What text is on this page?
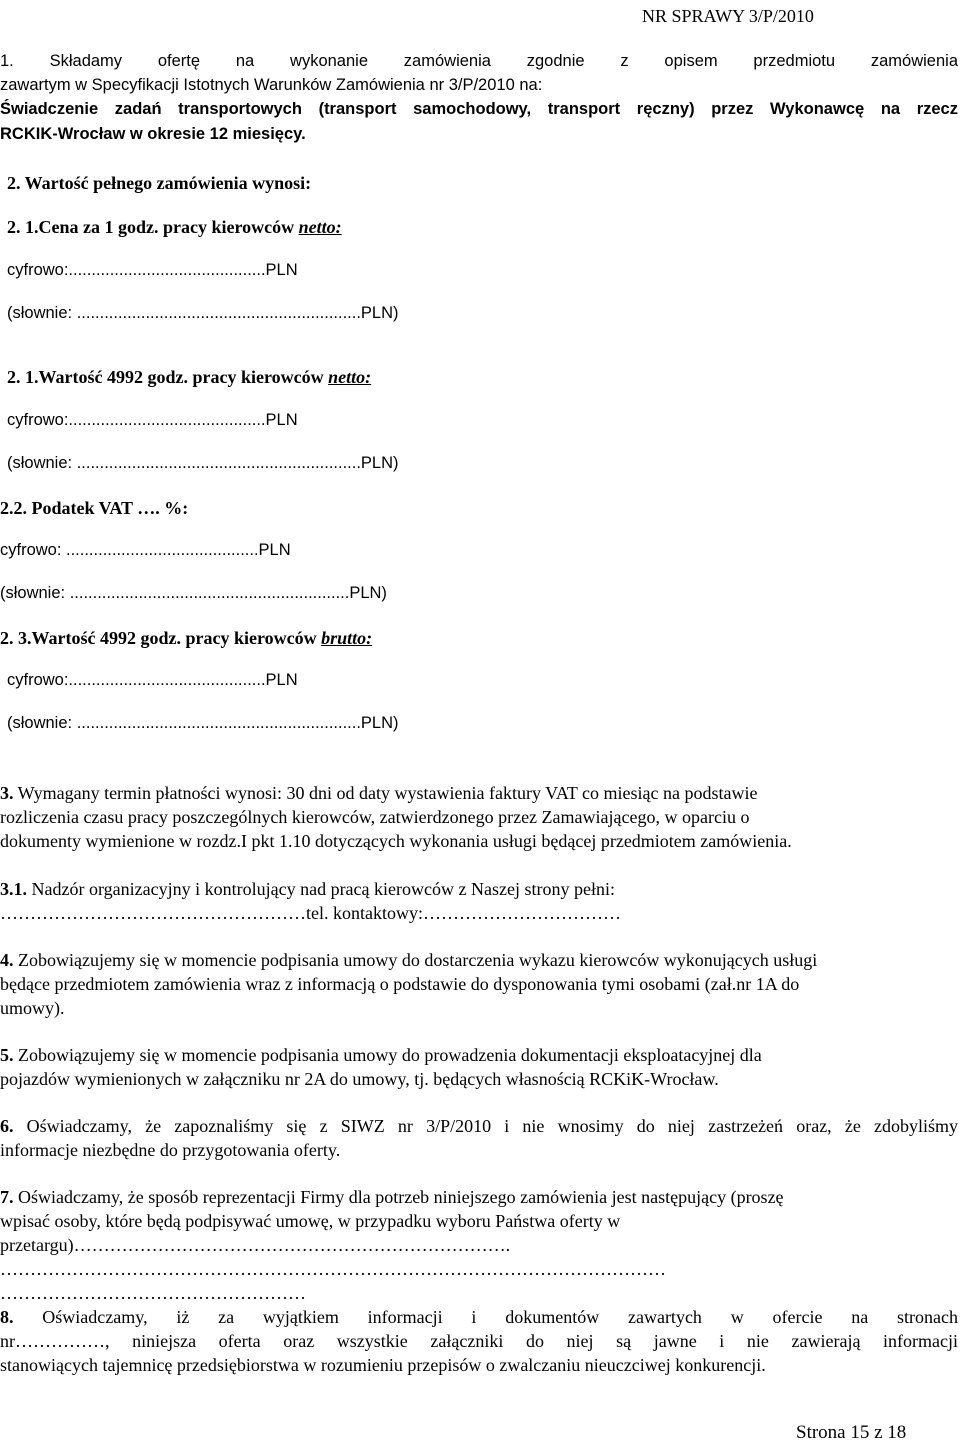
NR SPRAWY 3/P/2010
1. Składamy ofertę na wykonanie zamówienia zgodnie z opisem przedmiotu zamówienia
zawartym w Specyfikacji Istotnych Warunków Zamówienia nr 3/P/2010 na:
Świadczenie zadań transportowych (transport samochodowy, transport ręczny) przez Wykonawcę na rzecz
RCKIK-Wrocław w okresie 12 miesięcy.
2. Wartość pełnego zamówienia wynosi:
2. 1.Cena za 1 godz. pracy kierowców netto:
cyfrowo:...........................................PLN
(słownie: ..............................................................PLN)
2. 1.Wartość 4992 godz. pracy kierowców netto:
cyfrowo:...........................................PLN
(słownie: ..............................................................PLN)
2.2. Podatek VAT …. %:
cyfrowo: ..........................................PLN
(słownie: .............................................................PLN)
2. 3.Wartość 4992 godz. pracy kierowców brutto:
cyfrowo:...........................................PLN
(słownie: ..............................................................PLN)
3. Wymagany termin płatności wynosi: 30 dni od daty wystawienia faktury VAT co miesiąc na podstawie
rozliczenia czasu pracy poszczególnych kierowców, zatwierdzonego przez Zamawiającego, w oparciu o
dokumenty wymienione w rozdz.I pkt 1.10 dotyczących wykonania usługi będącej przedmiotem zamówienia.
3.1. Nadzór organizacyjny i kontrolujący nad pracą kierowców z Naszej strony pełni:
……………………………………………tel. kontaktowy:……………………………
4. Zobowiązujemy się w momencie podpisania umowy do dostarczenia wykazu kierowców wykonujących usługi
będące przedmiotem zamówienia wraz z informacją o podstawie do dysponowania tymi osobami (zał.nr 1A do
umowy).
5. Zobowiązujemy się w momencie podpisania umowy do prowadzenia dokumentacji eksploatacyjnej dla
pojazdów wymienionych w załączniku nr 2A do umowy, tj. będących własnością RCKiK-Wrocław.
6. Oświadczamy, że zapoznaliśmy się z SIWZ nr 3/P/2010 i nie wnosimy do niej zastrzeżeń oraz, że zdobyliśmy
informacje niezbędne do przygotowania oferty.
7. Oświadczamy, że sposób reprezentacji Firmy dla potrzeb niniejszego zamówienia jest następujący (proszę
wpisać osoby, które będą podpisywać umowę, w przypadku wyboru Państwa oferty w
przetargu)……………………………………………………………….
…………………………………………………………………………………………………
……………………………………………
8. Oświadczamy, iż za wyjątkiem informacji i dokumentów zawartych w ofercie na stronach
nr……………, niniejsza oferta oraz wszystkie załączniki do niej są jawne i nie zawierają informacji
stanowiących tajemnicę przedsiębiorstwa w rozumieniu przepisów o zwalczaniu nieuczciwej konkurencji.
Strona 15 z 18
